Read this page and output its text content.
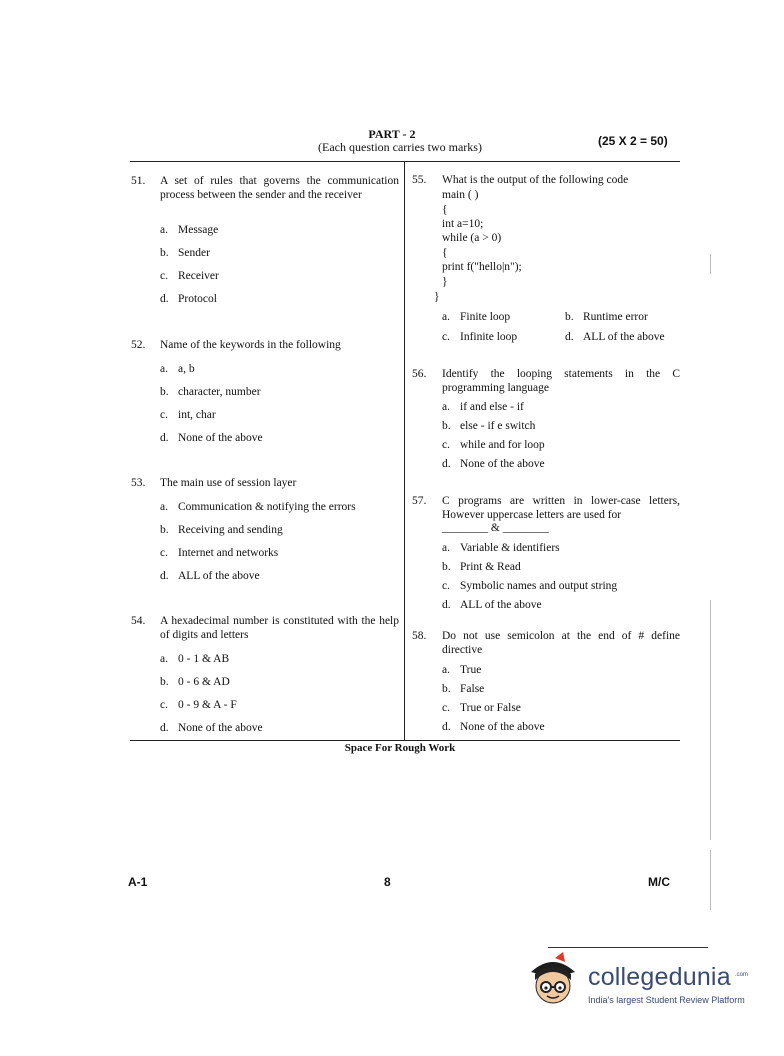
PART - 2
(Each question carries two marks)	(25 X 2 = 50)
51. A set of rules that governs the communication process between the sender and the receiver
a. Message
b. Sender
c. Receiver
d. Protocol
52. Name of the keywords in the following
a. a, b
b. character, number
c. int, char
d. None of the above
53. The main use of session layer
a. Communication & notifying the errors
b. Receiving and sending
c. Internet and networks
d. ALL of the above
54. A hexadecimal number is constituted with the help of digits and letters
a. 0 - 1 & AB
b. 0 - 6 & AD
c. 0 - 9 & A - F
d. None of the above
55. What is the output of the following code
main ( )
{
int a=10;
while (a > 0)
{
print f("hello|n");
}
}
a. Finite loop	b. Runtime error
c. Infinite loop	d. ALL of the above
56. Identify the looping statements in the C programming language
a. if and else - if
b. else - if e switch
c. while and for loop
d. None of the above
57. C programs are written in lower-case letters, However uppercase letters are used for
________ & ________
a. Variable & identifiers
b. Print & Read
c. Symbolic names and output string
d. ALL of the above
58. Do not use semicolon at the end of # define directive
a. True
b. False
c. True or False
d. None of the above
Space For Rough Work
A-1	8	M/C
collegedunia .com
India's largest Student Review Platform
